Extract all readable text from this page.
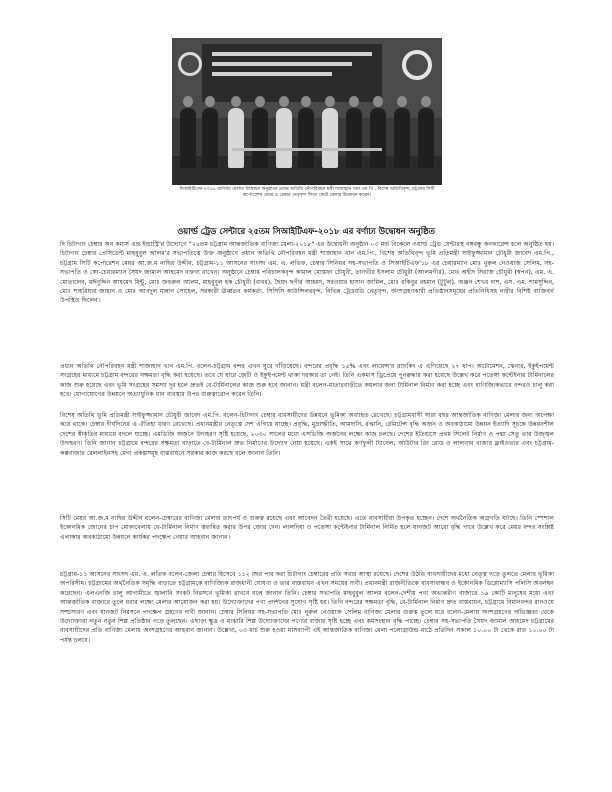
সিআইটিএফ-২০১৮ বাণিজ্য মেলার উদ্বোধন অনুষ্ঠানে প্রধান অতিথি নৌপরিবহন মন্ত্রী শাজাহান খান এম.পি., বিশেষ অতিথিবৃন্দ, চট্টগ্রাম সিটি কর্পোরেশন মেয়র ও চেম্বার নেতৃবৃন্দ ফিতা কেটে মেলার উদ্বোধন করেন।
ওয়ার্ল্ড ট্রেড সেন্টারে ২৫তম সিআইটিএফ-২০১৮ এর বর্ণাঢ্য উদ্বোধন অনুষ্ঠিত

দি চিটাগাং চেম্বার অব কমার্স এন্ড ইন্ডাস্ট্রি'র উদ্যোগে "২৫তম চট্টগ্রাম আন্তর্জাতিক বাণিজ্য মেলা-২০১৮" এর উদ্বোধনী অনুষ্ঠান ০৩ মার্চ বিকেলে ওয়ার্ল্ড ট্রেড সেন্টারস্থ বঙ্গবন্ধু কনফারেন্স হলে অনুষ্ঠিত হয়। চিটাগাং চেম্বার প্রেসিডেন্ট মাহবুবুল আলম'র সভাপতিত্বে উক্ত অনুষ্ঠানে প্রধান অতিথি নৌপরিবহন মন্ত্রী শাজাহান খান এম.পি., বিশেষ অতিথিবৃন্দ ভূমি প্রতিমন্ত্রী সাইফুজ্জামান চৌধুরী জাবেদ এম.পি., চট্টগ্রাম সিটি কর্পোরেশন মেয়র আ.জ.ম নাছির উদ্দীন, চট্টগ্রাম-১১ আসনের সাংসদ এম. এ. লতিফ, চেম্বার সিনিয়র সহ-সভাপতি ও সিআইটিএফ'১৮ এর চেয়ারম্যান মোঃ নুরুল নেওয়াজ সেলিম, সহ-সভাপতি ও কো-চেয়ারম্যান সৈয়দ জামাল আহমেদ বক্তব্য রাখেন। অনুষ্ঠানে চেম্বার পরিচালকবৃন্দ কামাল মোস্তফা চৌধুরী, তানভীর ইসলাম চৌধুরী (আলমগীর), মোঃ অহীদ সিরাজ চৌধুরী (স্বপন), এম. এ. মোতালেব, মঈনুদ্দিন আহমেদ মিন্টু, মোঃ জহুরুল আলম, মাহবুবুল হক চৌধুরী (বাবর), ছৈয়দ ছগীর আহমদ, সরওয়ার হাসান জামিল, মোঃ রকিবুর রহমান (টুটুল), অঞ্জন শেখর দাশ, এস. এম. শামসুদ্দিন, মোঃ শাহরিয়ার জাহান ও মোঃ আবদুল মান্নান সোহেল, সরকারী ঊর্ধ্বতন কর্মকর্তা, সিসিসি কাউন্সিলরবৃন্দ, বিভিন্ন ট্রেডবডি নেতৃবৃন্দ, অংশগ্রহণকারী প্রতিষ্ঠানসমূহের প্রতিনিধিসহ নারীর বিশিষ্ট ব্যক্তিবর্গ উপস্থিত ছিলেন।

প্রধান অতিথি নৌপরিবহন মন্ত্রী শাজাহান খান এম.পি. বলেন-চট্টগ্রাম বন্দর এখন ঘুরে দাঁড়িয়েছে। বন্দরের প্রবৃদ্ধি ১৫% এবং লায়েন্স'র র‍্যাংকিং এ এগিয়েছে ২৭ ধাপ। অটোমেশন, স্কেনার, ইকুইপমেন্ট সংগ্রহের মাধ্যমে চট্টগ্রাম বন্দরের সক্ষমতা বৃদ্ধি করা হয়েছে। তবে যে হারে জেটি ও ইকুইপমেন্ট থাকা দরকার তা নেই। তিনি একমাস ড্রিপ্রেয়ে পুনরুদ্ধার করা হয়েছে উল্লেখ করে পতেঙ্গা কন্টেইনার টার্মিনালের কাজ শুরু হয়েছে এবং ভূমি সংগ্রহের সমস্যা দূর হলে দ্রুতই বে-টার্মিনালের কাজ শুরু হবে জানান। মন্ত্রী বলেন-মাতারবাড়ীতে কয়লার জন্য টার্মিনাল নির্মাণ করা হচ্ছে এবং বাণিজ্যিকভাবে বন্দরও চালু করা হবে। যোগাযোগের উন্নয়নে অত্যাধুনিক যান ব্যবস্থার উপর গুরুত্বারোপ করেন তিনি।

বিশেষ অতিথি ভূমি প্রতিমন্ত্রী সাইফুজ্জামান চৌধুরী জাবেদ এম.পি. বলেন-চিটাগাং চেম্বার ব্যবসায়ীদের উন্নয়নে ভূমিকা অব্যাহত রেখেছে। চট্টগ্রামবাসী সারা বছর আন্তর্জাতিক বাণিজ্য মেলার জন্য অপেক্ষা করে থাকে। চেম্বার দীর্ঘদিনের এ ঐতিহ্য ধারণ রেখেছে। প্রধানমন্ত্রীর নেতৃত্বে দেশ এগিয়ে যাচ্ছে। প্রবৃদ্ধি, মুদ্রাস্ফীতি, আমদানি, রপ্তানি, রেমিটেন্স বৃদ্ধি অর্জন ও অবকাঠামো উন্নয়ন ইত্যাদি সূচকে উন্নয়নশীল দেশের স্বীকৃতির মাধ্যমে বদলে যাচ্ছে। এমডিজি অর্জনে উদাহরণ সৃষ্টি হয়েছে, ২০৩০ সালের মধ্যে এসডিজি অর্জনের লক্ষ্যে কাজ চলছে। দেশের ইতিহাসে প্রথম সিলেট নির্মাণ ও পদ্মা সেতু তার উজ্জ্বল উদাহরণ। তিনি জানান চট্টগ্রামে বন্দরের সক্ষমতা বাড়াতে বে-টার্মিনাল দ্রুত নির্মাণের উদ্যোগ নেয়া হয়েছে। একই সাথে কর্ণফুলী ট্যানেল, আউটার রিং রোড ও লালখান বাজার ফ্লাইওভার এবং চট্টগ্রাম-কক্সবাজার রেললাইনসহ মেগা প্রকল্পসমূহ বাস্তবায়নে সরকার কাজ করছে বলে জানান তিনি।

সিটি মেয়র আ.জ.ম নাছির উদ্দীন বলেন-চেম্বারের বাণিজ্য মেলার তাৎপর্য ও গুরুত্ব রয়েছে এবং আবেদন তৈরী হয়েছে। এতে ব্যবসায়ীরা উপকৃত হচ্ছেন। দেশে অর্থনৈতিক অগ্রগতি ঘটছে। তিনি স্পেশাল ইকোনমিক জোনের চাপ মোকাবেলায় বে-টার্মিনাল নির্মাণ ত্বরান্বিত করার উপর জোর দেন। লালদিয়া ও পতেঙ্গা কন্টেইনার টার্মিনাল নির্মিত হলে যানজট আরো বৃদ্ধি পাবে উল্লেখ করে মেয়র বন্দর সংশ্লিষ্ট এলাকার অবকাঠামো উন্নয়নে কার্যকর পদক্ষেপ নেয়ার আহবান জানান।

চট্টগ্রাম-১১ আসনের সাংসদ এম. এ. লতিফ বলেন-জেলা চেম্বার হিসেবে ১১২ বছর পার করা চিটাগাং চেম্বারের প্রতি সবার আস্থা রয়েছে। দেশের উঠতি ব্যবসায়ীদের মধ্যে নেতৃত্ব গড়ে তুলতে মেলার ভূমিকা অপরিসীম। চট্টগ্রামের অর্থনৈতিক সমৃদ্ধি বাড়াতে চট্টগ্রামকে বাণিজ্যিক রাজধানী ঘোষণা ও তার বাস্তবায়ন এখন সময়ের দাবী। প্রধানমন্ত্রী রাজনীতিকে ব্যবসাবান্ধব ও ইকোনমিক ডিপ্লোম্যাসি পলিসি অবলম্বন করেছেন। এলএনজি চালু আগামীতে জ্বালানি সংকট নিরসনে ভূমিকা রাখবে বলে জানান তিনি। চেম্বার সভাপতি মাহবুবুল আলম বলেন-দেশীয় পণ্য অভ্যন্তরীণ বাজারে ১৬ কোটি মানুষের মধ্যে এবং আন্তর্জাতিক বাজারে তুলে ধরার লক্ষ্যে মেলার আয়োজন করা হয়। উদ্যোক্তাদের পণ্য প্রদর্শনের সুযোগ সৃষ্টি হয়। তিনি বন্দরের সক্ষমতা বৃদ্ধি, বে-টার্মিনাল নির্মাণ দ্রুত বাস্তবায়ন, চট্টগ্রামে বিমানবন্দর রানওয়ে সম্প্রসারণ এবং যানজট নিরসনে পদক্ষেপ গ্রহণের দাবী জানান। চেম্বার সিনিয়র সহ-সভাপতি মোঃ নুরুল নেওয়াজ সেলিম বাণিজ্য মেলার গুরুত্ব তুলে ধরে বলেন-মেলায় অংশগ্রহণের অভিজ্ঞতা থেকে উদ্যোক্তারা নতুন নতুন শিল্প প্রতিষ্ঠান গড়ে তুলছেন। এছাড়া ক্ষুদ্র ও মাঝারি শিল্প উদ্যোক্তাদের পণ্যের বাজার সৃষ্টি হচ্ছে এবং কর্মসংস্থান বৃদ্ধি পাচ্ছে। চেম্বার সহ-সভাপতি সৈয়দ জামাল আহমেদ চট্টগ্রামের ব্যবসায়ীদের প্রতি বাণিজ্য মেলায় অংশগ্রহণের আহবান জানান। উল্লেখ্য, ০৩ মার্চ শুরু হওয়া মাসব্যাপী এই আন্তর্জাতিক বাণিজ্য মেলা পলোগ্রাউন্ড মাঠে প্রতিদিন সকাল ১০.০০ টা থেকে রাত ১০.০০ টা পর্যন্ত চলবে।
